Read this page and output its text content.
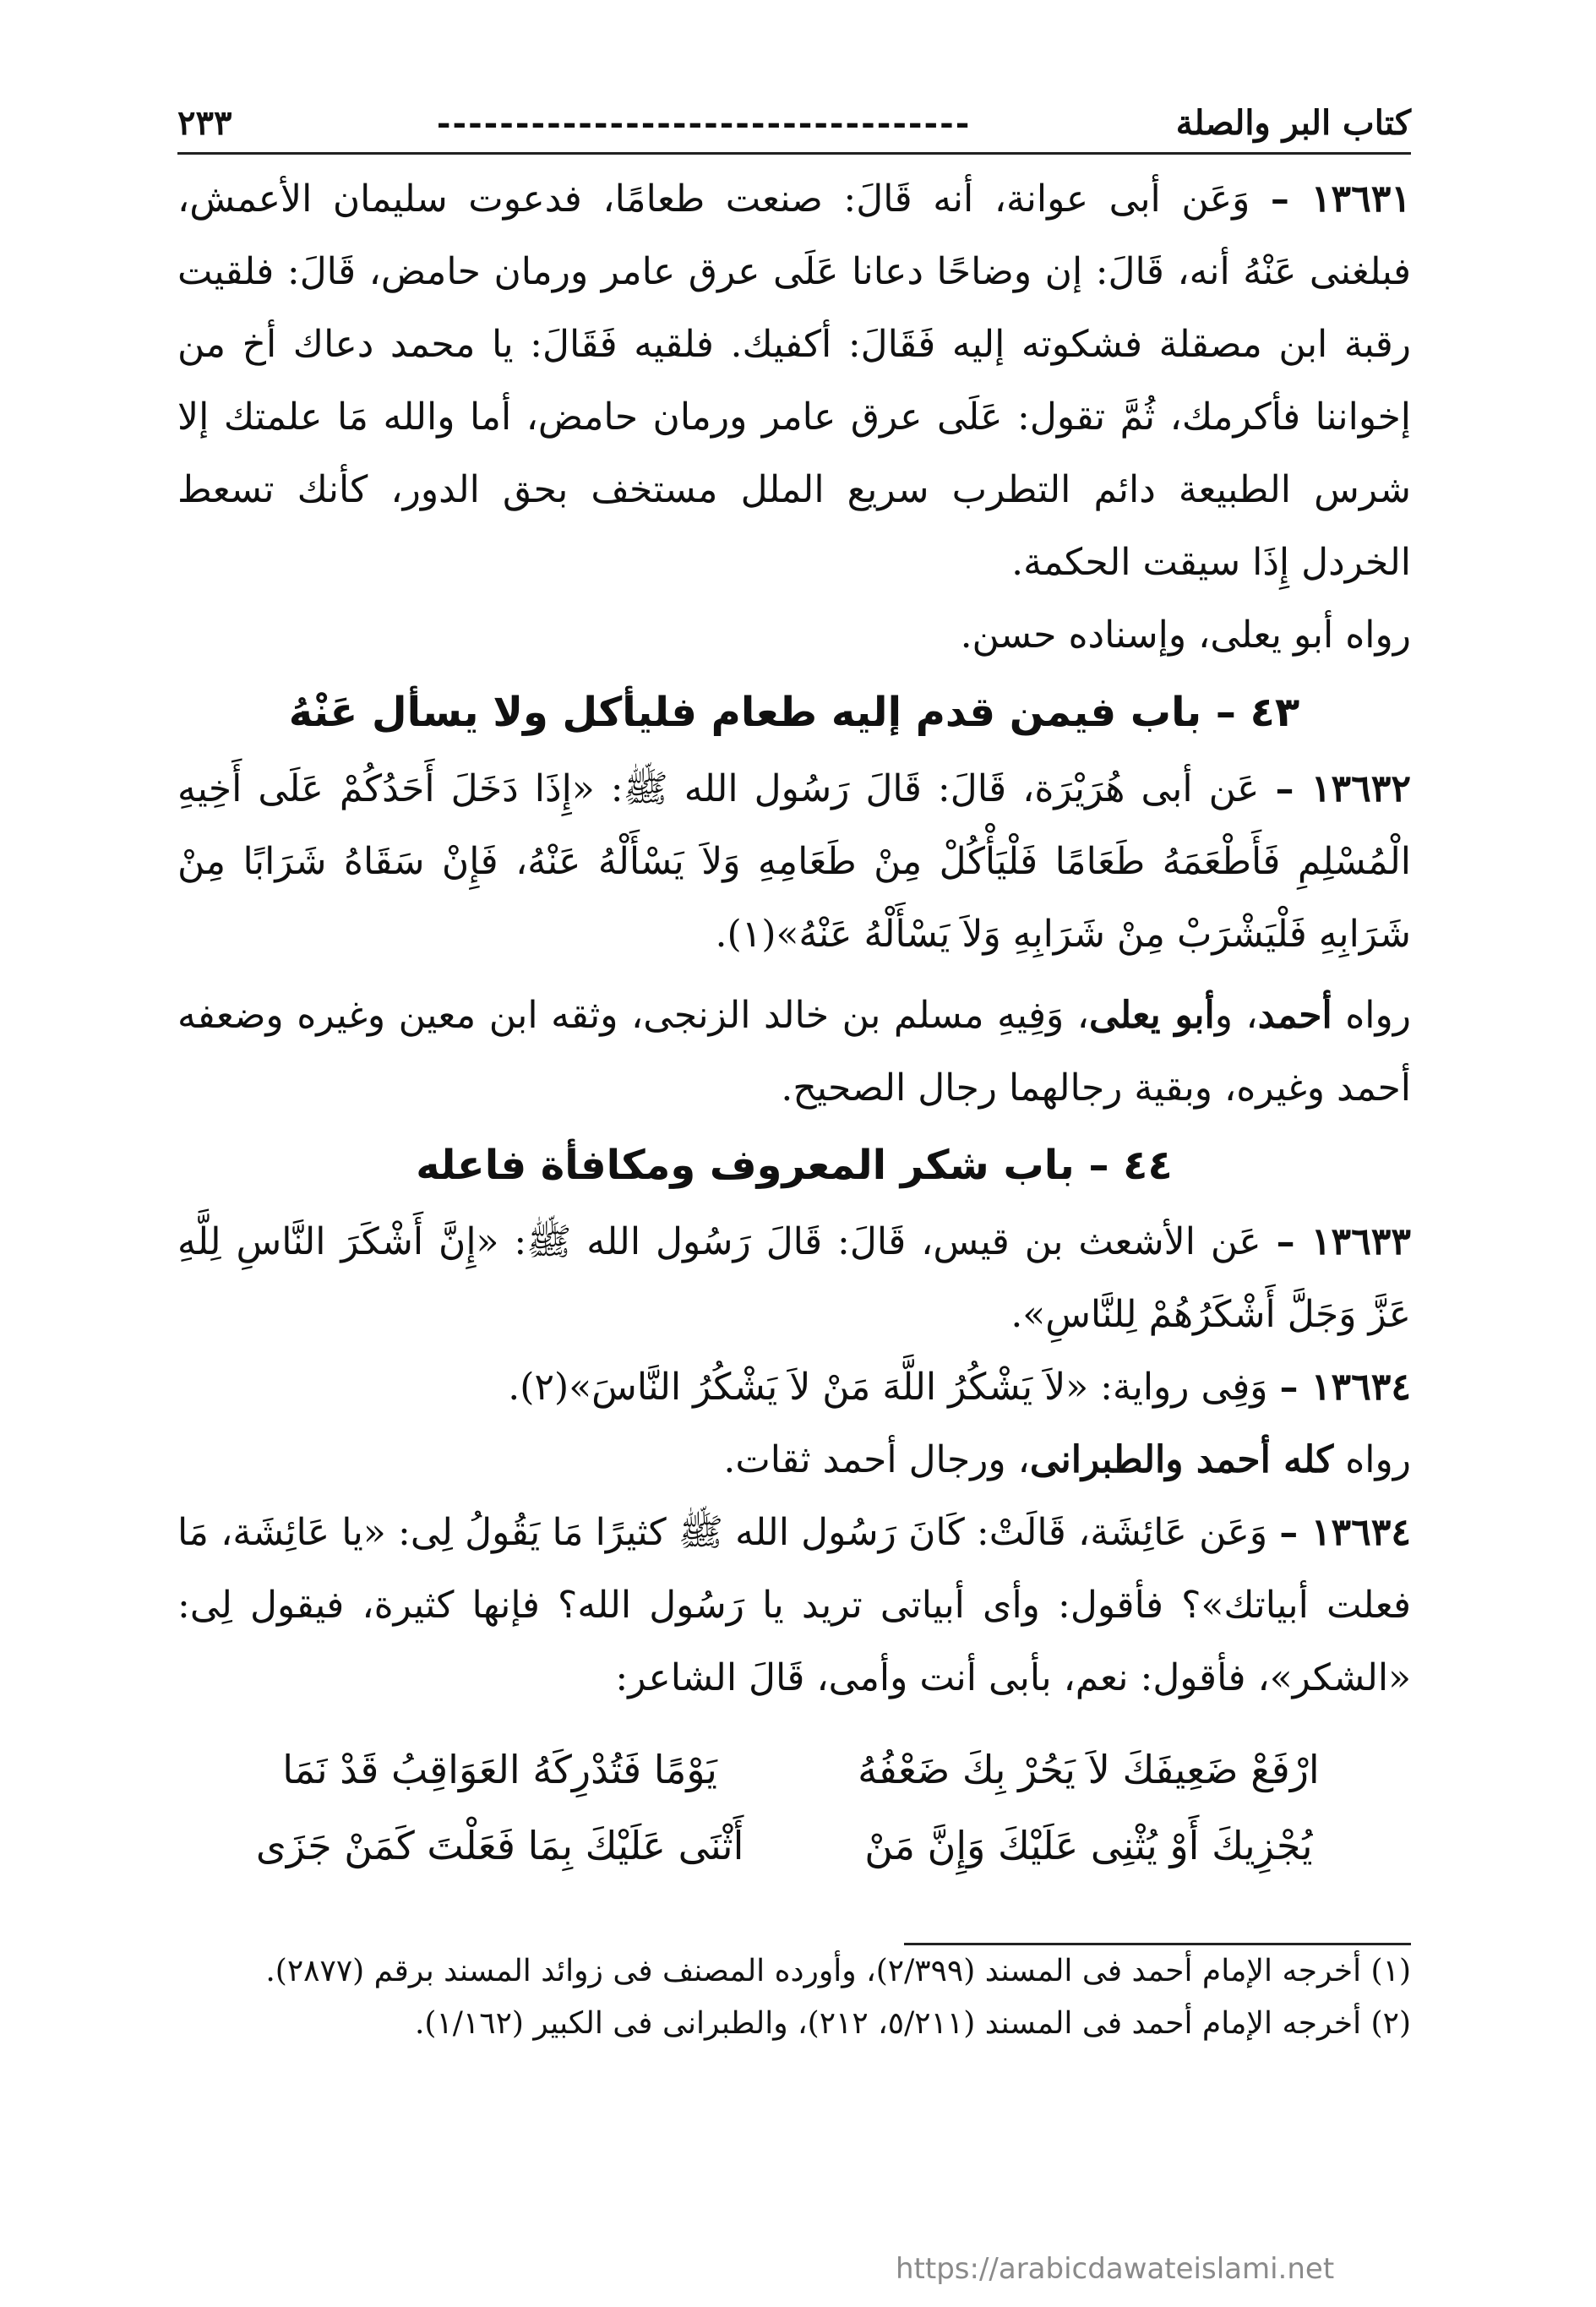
كتاب البر والصلة
----------------------------------
٢٣٣

١٣٦٣١ – وَعَن أبى عوانة، أنه قَالَ: صنعت طعامًا، فدعوت سليمان الأعمش، فبلغنى عَنْهُ أنه، قَالَ: إن وضاحًا دعانا عَلَى عرق عامر ورمان حامض، قَالَ: فلقيت رقبة ابن مصقلة فشكوته إليه فَقَالَ: أكفيك. فلقيه فَقَالَ: يا محمد دعاك أخ من إخواننا فأكرمك، ثُمَّ تقول: عَلَى عرق عامر ورمان حامض، أما والله مَا علمتك إلا شرس الطبيعة دائم التطرب سريع الملل مستخف بحق الدور، كأنك تسعط الخردل إِذَا سيقت الحكمة.

رواه أبو يعلى، وإسناده حسن.

٤٣ – باب فيمن قدم إليه طعام فليأكل ولا يسأل عَنْهُ

١٣٦٣٢ – عَن أبى هُرَيْرَة، قَالَ: قَالَ رَسُول الله ﷺ: «إِذَا دَخَلَ أَحَدُكُمْ عَلَى أَخِيهِ الْمُسْلِمِ فَأَطْعَمَهُ طَعَامًا فَلْيَأْكُلْ مِنْ طَعَامِهِ وَلاَ يَسْأَلْهُ عَنْهُ، فَإِنْ سَقَاهُ شَرَابًا مِنْ شَرَابِهِ فَلْيَشْرَبْ مِنْ شَرَابِهِ وَلاَ يَسْأَلْهُ عَنْهُ»(١).

رواه أحمد، وأبو يعلى، وَفِيهِ مسلم بن خالد الزنجى، وثقه ابن معين وغيره وضعفه أحمد وغيره، وبقية رجالهما رجال الصحيح.

٤٤ – باب شكر المعروف ومكافأة فاعله

١٣٦٣٣ – عَن الأشعث بن قيس، قَالَ: قَالَ رَسُول الله ﷺ: «إِنَّ أَشْكَرَ النَّاسِ لِلَّهِ عَزَّ وَجَلَّ أَشْكَرُهُمْ لِلنَّاسِ».

١٣٦٣٤ – وَفِى رواية: «لاَ يَشْكُرُ اللَّهَ مَنْ لاَ يَشْكُرُ النَّاسَ»(٢).

رواه كله أحمد والطبرانى، ورجال أحمد ثقات.

١٣٦٣٤ – وَعَن عَائِشَة، قَالَتْ: كَانَ رَسُول الله ﷺ كثيرًا مَا يَقُولُ لِى: «يا عَائِشَة، مَا فعلت أبياتك»؟ فأقول: وأى أبياتى تريد يا رَسُول الله؟ فإنها كثيرة، فيقول لِى: «الشكر»، فأقول: نعم، بأبى أنت وأمى، قَالَ الشاعر:

ارْفَعْ ضَعِيفَكَ لاَ يَحُرْ بِكَ ضَعْفُهُ
يَوْمًا فَتُدْرِكَهُ العَوَاقِبُ قَدْ نَمَا
يُجْزِيكَ أَوْ يُثْنِى عَلَيْكَ وَإِنَّ مَنْ
أَثْنَى عَلَيْكَ بِمَا فَعَلْتَ كَمَنْ جَزَى

(١) أخرجه الإمام أحمد فى المسند (٢/٣٩٩)، وأورده المصنف فى زوائد المسند برقم (٢٨٧٧).

(٢) أخرجه الإمام أحمد فى المسند (٥/٢١١، ٢١٢)، والطبرانى فى الكبير (١/١٦٢).

https://arabicdawateislami.net
